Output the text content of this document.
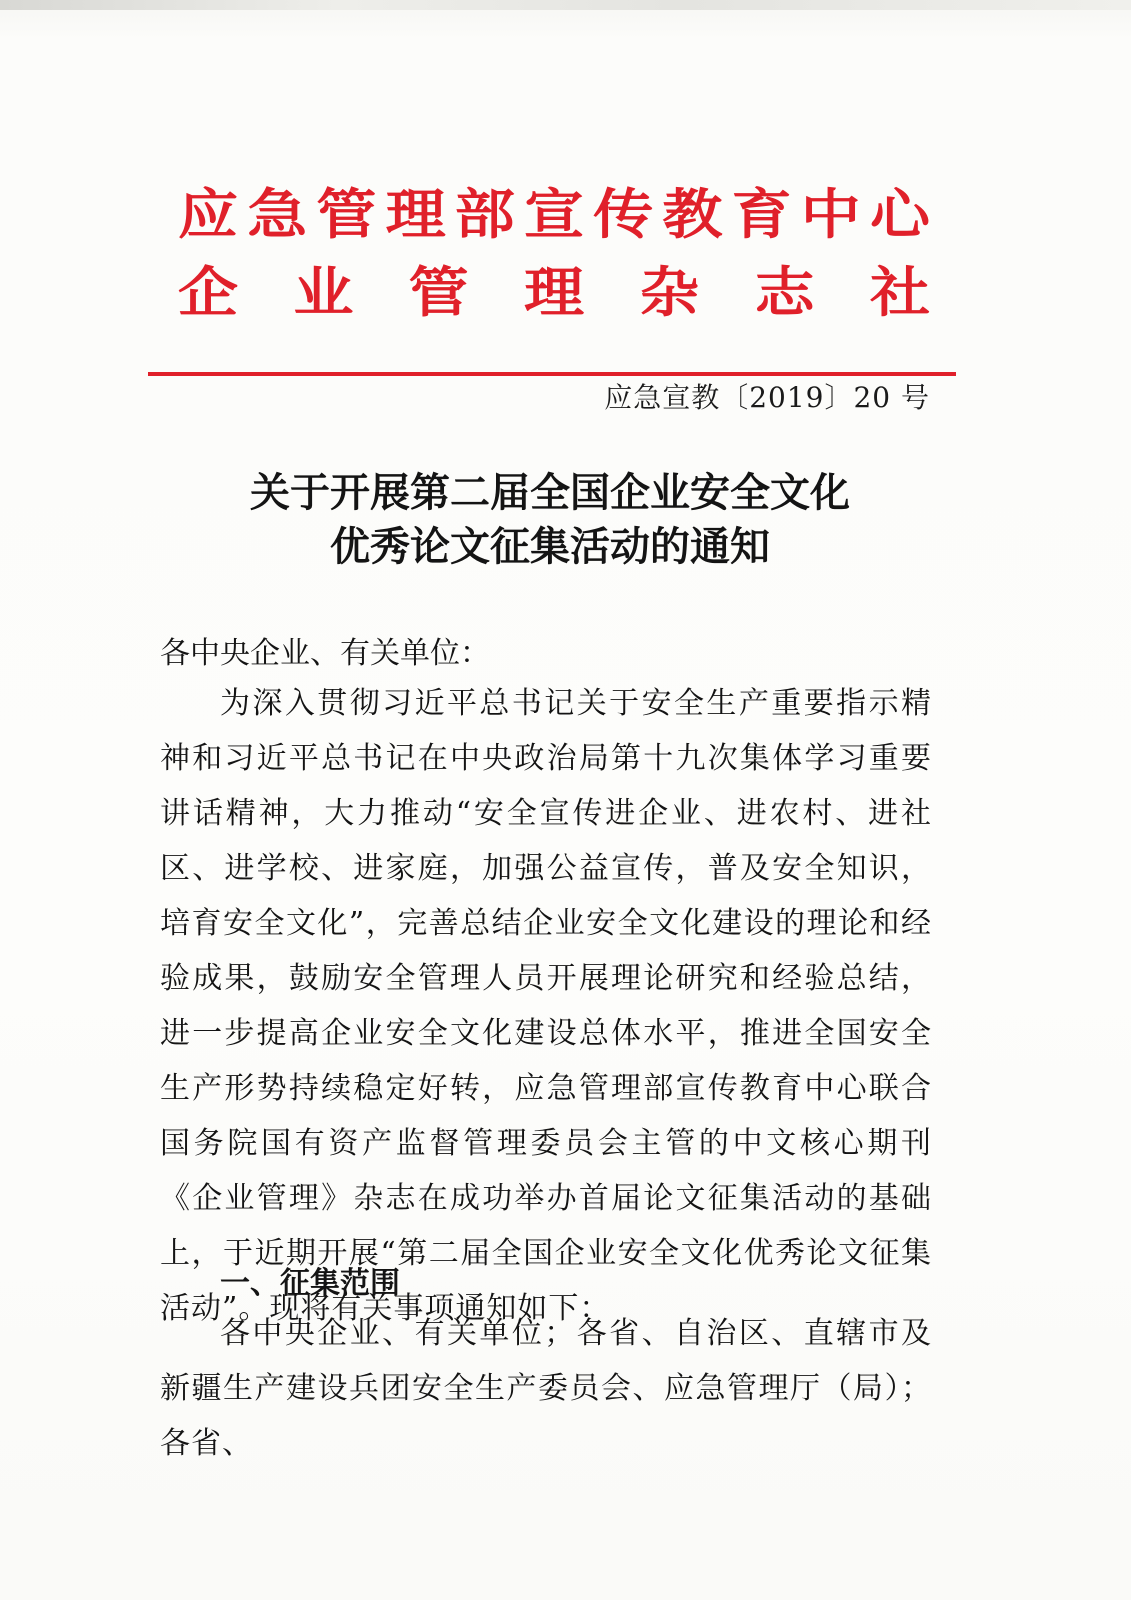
应急管理部宣传教育中心
企业管理杂志社
应急宣教〔2019〕20 号
关于开展第二届全国企业安全文化
优秀论文征集活动的通知
各中央企业、有关单位：
为深入贯彻习近平总书记关于安全生产重要指示精神和习近平总书记在中央政治局第十九次集体学习重要讲话精神，大力推动“安全宣传进企业、进农村、进社区、进学校、进家庭，加强公益宣传，普及安全知识，培育安全文化”，完善总结企业安全文化建设的理论和经验成果，鼓励安全管理人员开展理论研究和经验总结，进一步提高企业安全文化建设总体水平，推进全国安全生产形势持续稳定好转，应急管理部宣传教育中心联合国务院国有资产监督管理委员会主管的中文核心期刊《企业管理》杂志在成功举办首届论文征集活动的基础上，于近期开展“第二届全国企业安全文化优秀论文征集活动”。现将有关事项通知如下：
一、征集范围
各中央企业、有关单位；各省、自治区、直辖市及新疆生产建设兵团安全生产委员会、应急管理厅（局）；各省、
